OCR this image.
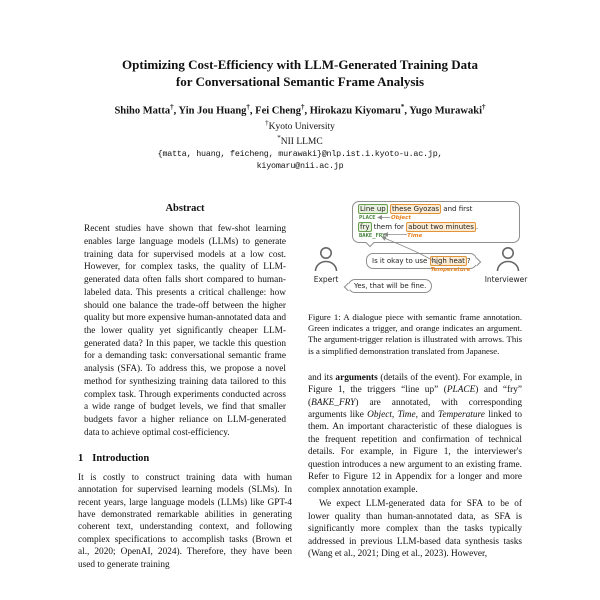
Optimizing Cost-Efficiency with LLM-Generated Training Data
for Conversational Semantic Frame Analysis
Shiho Matta†, Yin Jou Huang†, Fei Cheng†, Hirokazu Kiyomaru*, Yugo Murawaki†
†Kyoto University
*NII LLMC
{matta, huang, feicheng, murawaki}@nlp.ist.i.kyoto-u.ac.jp,
kiyomaru@nii.ac.jp
Abstract

Recent studies have shown that few-shot learning enables large language models (LLMs) to generate training data for supervised models at a low cost. However, for complex tasks, the quality of LLM-generated data often falls short compared to human-labeled data. This presents a critical challenge: how should one balance the trade-off between the higher quality but more expensive human-annotated data and the lower quality yet significantly cheaper LLM-generated data? In this paper, we tackle this question for a demanding task: conversational semantic frame analysis (SFA). To address this, we propose a novel method for synthesizing training data tailored to this complex task. Through experiments conducted across a wide range of budget levels, we find that smaller budgets favor a higher reliance on LLM-generated data to achieve optimal cost-efficiency.

1 Introduction

It is costly to construct training data with human annotation for supervised learning models (SLMs). In recent years, large language models (LLMs) like GPT-4 have demonstrated remarkable abilities in generating coherent text, understanding context, and following complex specifications to accomplish tasks (Brown et al., 2020; OpenAI, 2024). Therefore, they have been used to generate training

Line up
PLACE
these Gyozas
Object
and first
fry
BAKE_FRY
them for about two minutes
Time
.
Is it okay to use high heat
Temperature
?
Yes, that will be fine.
Expert	Interviewer
Figure 1: A dialogue piece with semantic frame annotation. Green indicates a trigger, and orange indicates an argument. The argument-trigger relation is illustrated with arrows. This is a simplified demonstration translated from Japanese.

and its arguments (details of the event). For example, in Figure 1, the triggers “line up” (PLACE) and “fry” (BAKE_FRY) are annotated, with corresponding arguments like Object, Time, and Temperature linked to them. An important characteristic of these dialogues is the frequent repetition and confirmation of technical details. For example, in Figure 1, the interviewer's question introduces a new argument to an existing frame. Refer to Figure 12 in Appendix for a longer and more complex annotation example.

We expect LLM-generated data for SFA to be of lower quality than human-annotated data, as SFA is significantly more complex than the tasks typically addressed in previous LLM-based data synthesis tasks (Wang et al., 2021; Ding et al., 2023). However,
